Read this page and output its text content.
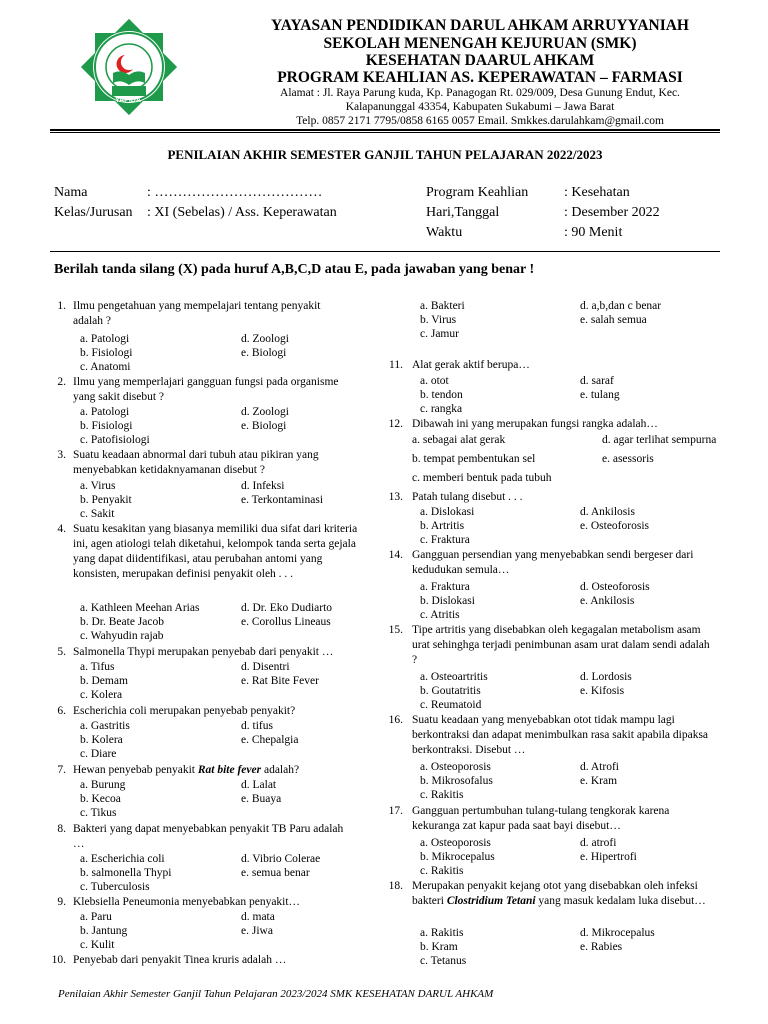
YAPIDA
YAYASAN PENDIDIKAN DARUL AHKAM ARRUYYANIAH
SEKOLAH MENENGAH KEJURUAN (SMK)
KESEHATAN DAARUL AHKAM
PROGRAM KEAHLIAN AS. KEPERAWATAN – FARMASI
Alamat : Jl. Raya Parung kuda, Kp. Panagogan Rt. 029/009, Desa Gunung Endut, Kec.
Kalapanunggal 43354, Kabupaten Sukabumi – Jawa Barat
Telp. 0857 2171 7795/0858 6165 0057 Email. Smkkes.darulahkam@gmail.com
PENILAIAN AKHIR SEMESTER GANJIL TAHUN PELAJARAN 2022/2023
Nama	: ………………………………
Kelas/Jurusan : XI (Sebelas) / Ass. Keperawatan
Program Keahlian	: Kesehatan
Hari,Tanggal	: Desember 2022
Waktu	: 90 Menit
Berilah tanda silang (X) pada huruf A,B,C,D atau E, pada jawaban yang benar !
1. Ilmu pengetahuan yang mempelajari tentang penyakit adalah ?
a. Patologi
b. Fisiologi
c. Anatomi
d. Zoologi
e. Biologi
2. Ilmu yang memperlajari gangguan fungsi pada organisme yang sakit disebut ?
a. Patologi
b. Fisiologi
c. Patofisiologi
d. Zoologi
e. Biologi
3. Suatu keadaan abnormal dari tubuh atau pikiran yang menyebabkan ketidaknyamanan disebut ?
a. Virus
b. Penyakit
c. Sakit
d. Infeksi
e. Terkontaminasi
4. Suatu kesakitan yang biasanya memiliki dua sifat dari kriteria ini, agen atiologi telah diketahui, kelompok tanda serta gejala yang dapat diidentifikasi, atau perubahan antomi yang konsisten, merupakan definisi penyakit oleh . . .
a. Kathleen Meehan Arias
b. Dr. Beate Jacob
c. Wahyudin rajab
d. Dr. Eko Dudiarto
e. Corollus Lineaus
5. Salmonella Thypi merupakan penyebab dari penyakit …
a. Tifus
b. Demam
c. Kolera
d. Disentri
e. Rat Bite Fever
6. Escherichia coli merupakan penyebab penyakit?
a. Gastritis
b. Kolera
c. Diare
d. tifus
e. Chepalgia
7. Hewan penyebab penyakit Rat bite fever adalah?
a. Burung
b. Kecoa
c. Tikus
d. Lalat
e. Buaya
8. Bakteri yang dapat menyebabkan penyakit TB Paru adalah …
a. Escherichia coli
b. salmonella Thypi
c. Tuberculosis
d. Vibrio Colerae
e. semua benar
9. Klebsiella Peneumonia menyebabkan penyakit…
a. Paru
b. Jantung
c. Kulit
d. mata
e. Jiwa
10. Penyebab dari penyakit Tinea kruris adalah …
a. Bakteri
b. Virus
c. Jamur
d. a,b,dan c benar
e. salah semua
11. Alat gerak aktif berupa…
a. otot
b. tendon
c. rangka
d. saraf
e. tulang
12. Dibawah ini yang merupakan fungsi rangka adalah…
a. sebagai alat gerak
b. tempat pembentukan sel
c. memberi bentuk pada tubuh
d. agar terlihat sempurna
e. asessoris
13. Patah tulang disebut . . .
a. Dislokasi
b. Artritis
c. Fraktura
d. Ankilosis
e. Osteoforosis
14. Gangguan persendian yang menyebabkan sendi bergeser dari kedudukan semula…
a. Fraktura
b. Dislokasi
c. Atritis
d. Osteoforosis
e. Ankilosis
15. Tipe artritis yang disebabkan oleh kegagalan metabolism asam urat sehinghga terjadi penimbunan asam urat dalam sendi adalah ?
a. Osteoartritis
b. Goutatritis
c. Reumatoid
d. Lordosis
e. Kifosis
16. Suatu keadaan yang menyebabkan otot tidak mampu lagi berkontraksi dan adapat menimbulkan rasa sakit apabila dipaksa berkontraksi. Disebut …
a. Osteoporosis
b. Mikrosofalus
c. Rakitis
d. Atrofi
e. Kram
17. Gangguan pertumbuhan tulang-tulang tengkorak karena kekuranga zat kapur pada saat bayi disebut…
a. Osteoporosis
b. Mikrocepalus
c. Rakitis
d. atrofi
e. Hipertrofi
18. Merupakan penyakit kejang otot yang disebabkan oleh infeksi bakteri Clostridium Tetani yang masuk kedalam luka disebut…
a. Rakitis
b. Kram
c. Tetanus
d. Mikrocepalus
e. Rabies
Penilaian Akhir Semester Ganjil Tahun Pelajaran 2023/2024 SMK KESEHATAN DARUL AHKAM
